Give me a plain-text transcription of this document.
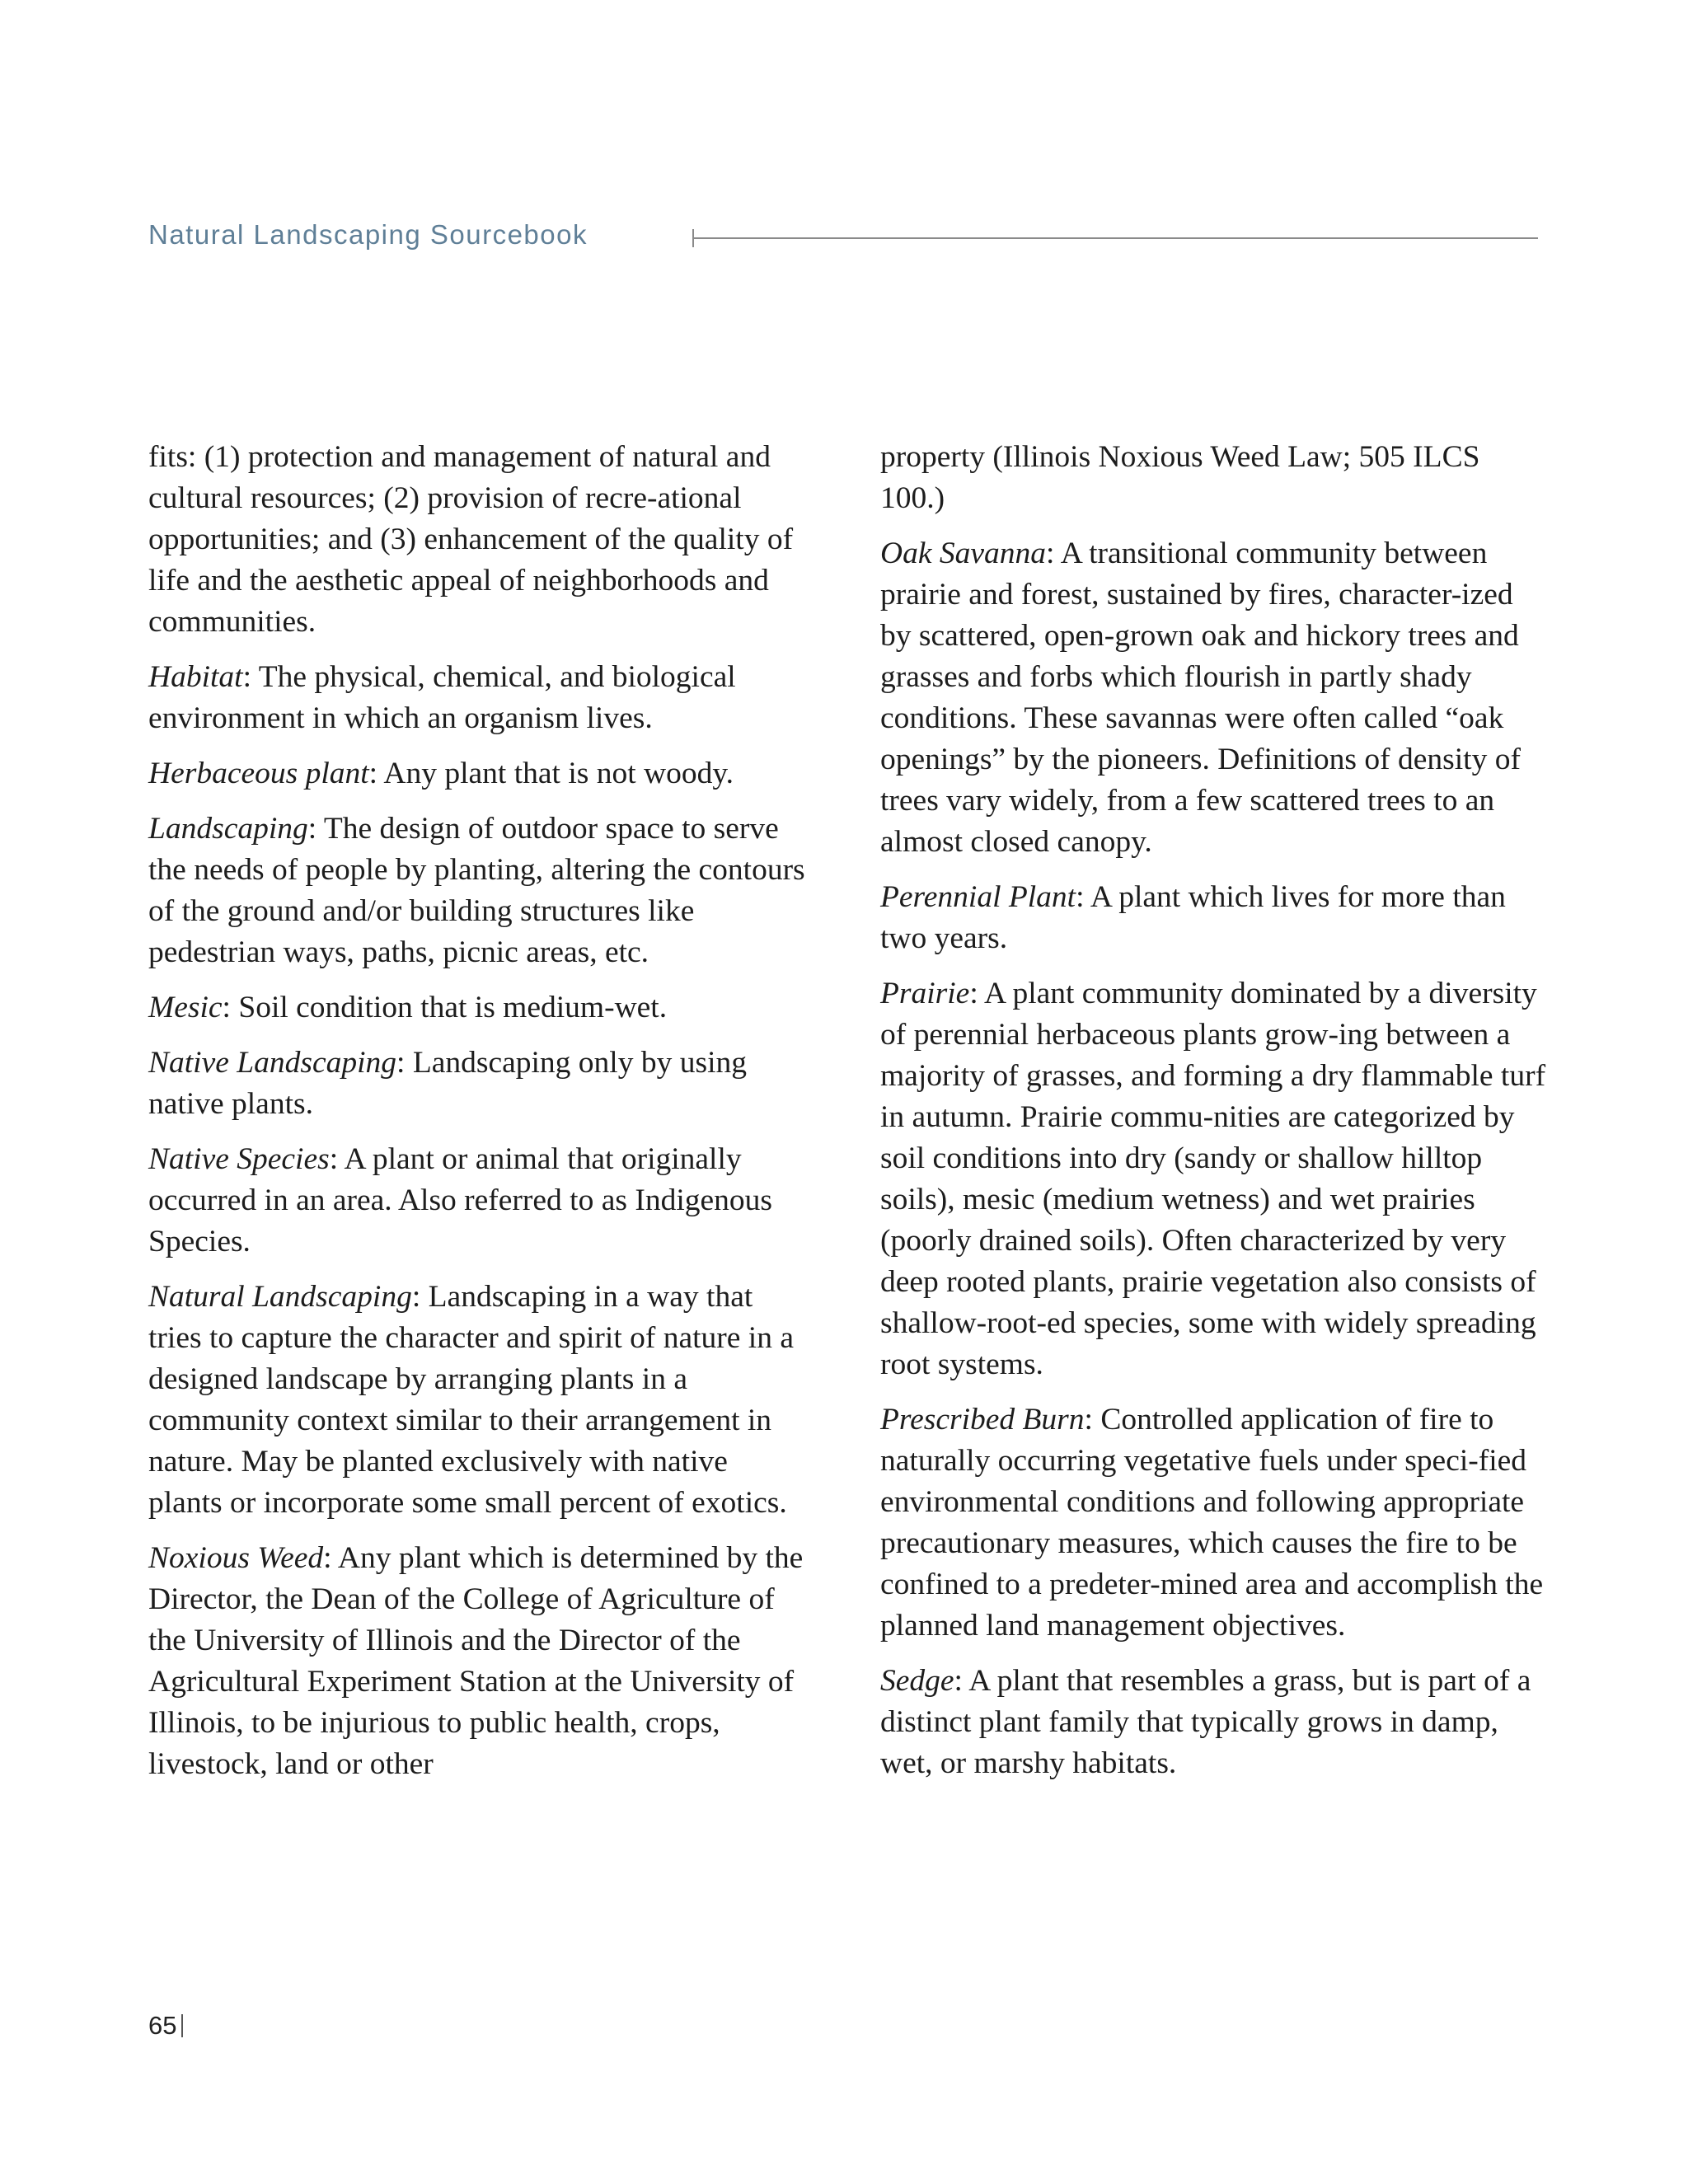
Natural Landscaping Sourcebook

fits: (1) protection and management of natural and cultural resources; (2) provision of recre-ational opportunities; and (3) enhancement of the quality of life and the aesthetic appeal of neighborhoods and communities.

Habitat: The physical, chemical, and biological environment in which an organism lives.

Herbaceous plant: Any plant that is not woody.

Landscaping: The design of outdoor space to serve the needs of people by planting, altering the contours of the ground and/or building structures like pedestrian ways, paths, picnic areas, etc.

Mesic: Soil condition that is medium-wet.

Native Landscaping: Landscaping only by using native plants.

Native Species: A plant or animal that originally occurred in an area. Also referred to as Indigenous Species.

Natural Landscaping: Landscaping in a way that tries to capture the character and spirit of nature in a designed landscape by arranging plants in a community context similar to their arrangement in nature. May be planted exclusively with native plants or incorporate some small percent of exotics.

Noxious Weed: Any plant which is determined by the Director, the Dean of the College of Agriculture of the University of Illinois and the Director of the Agricultural Experiment Station at the University of Illinois, to be injurious to public health, crops, livestock, land or other

property (Illinois Noxious Weed Law; 505 ILCS 100.)

Oak Savanna: A transitional community between prairie and forest, sustained by fires, character-ized by scattered, open-grown oak and hickory trees and grasses and forbs which flourish in partly shady conditions. These savannas were often called “oak openings” by the pioneers. Definitions of density of trees vary widely, from a few scattered trees to an almost closed canopy.

Perennial Plant: A plant which lives for more than two years.

Prairie: A plant community dominated by a diversity of perennial herbaceous plants grow-ing between a majority of grasses, and forming a dry flammable turf in autumn. Prairie commu-nities are categorized by soil conditions into dry (sandy or shallow hilltop soils), mesic (medium wetness) and wet prairies (poorly drained soils). Often characterized by very deep rooted plants, prairie vegetation also consists of shallow-root-ed species, some with widely spreading root systems.

Prescribed Burn: Controlled application of fire to naturally occurring vegetative fuels under speci-fied environmental conditions and following appropriate precautionary measures, which causes the fire to be confined to a predeter-mined area and accomplish the planned land management objectives.

Sedge: A plant that resembles a grass, but is part of a distinct plant family that typically grows in damp, wet, or marshy habitats.

65
